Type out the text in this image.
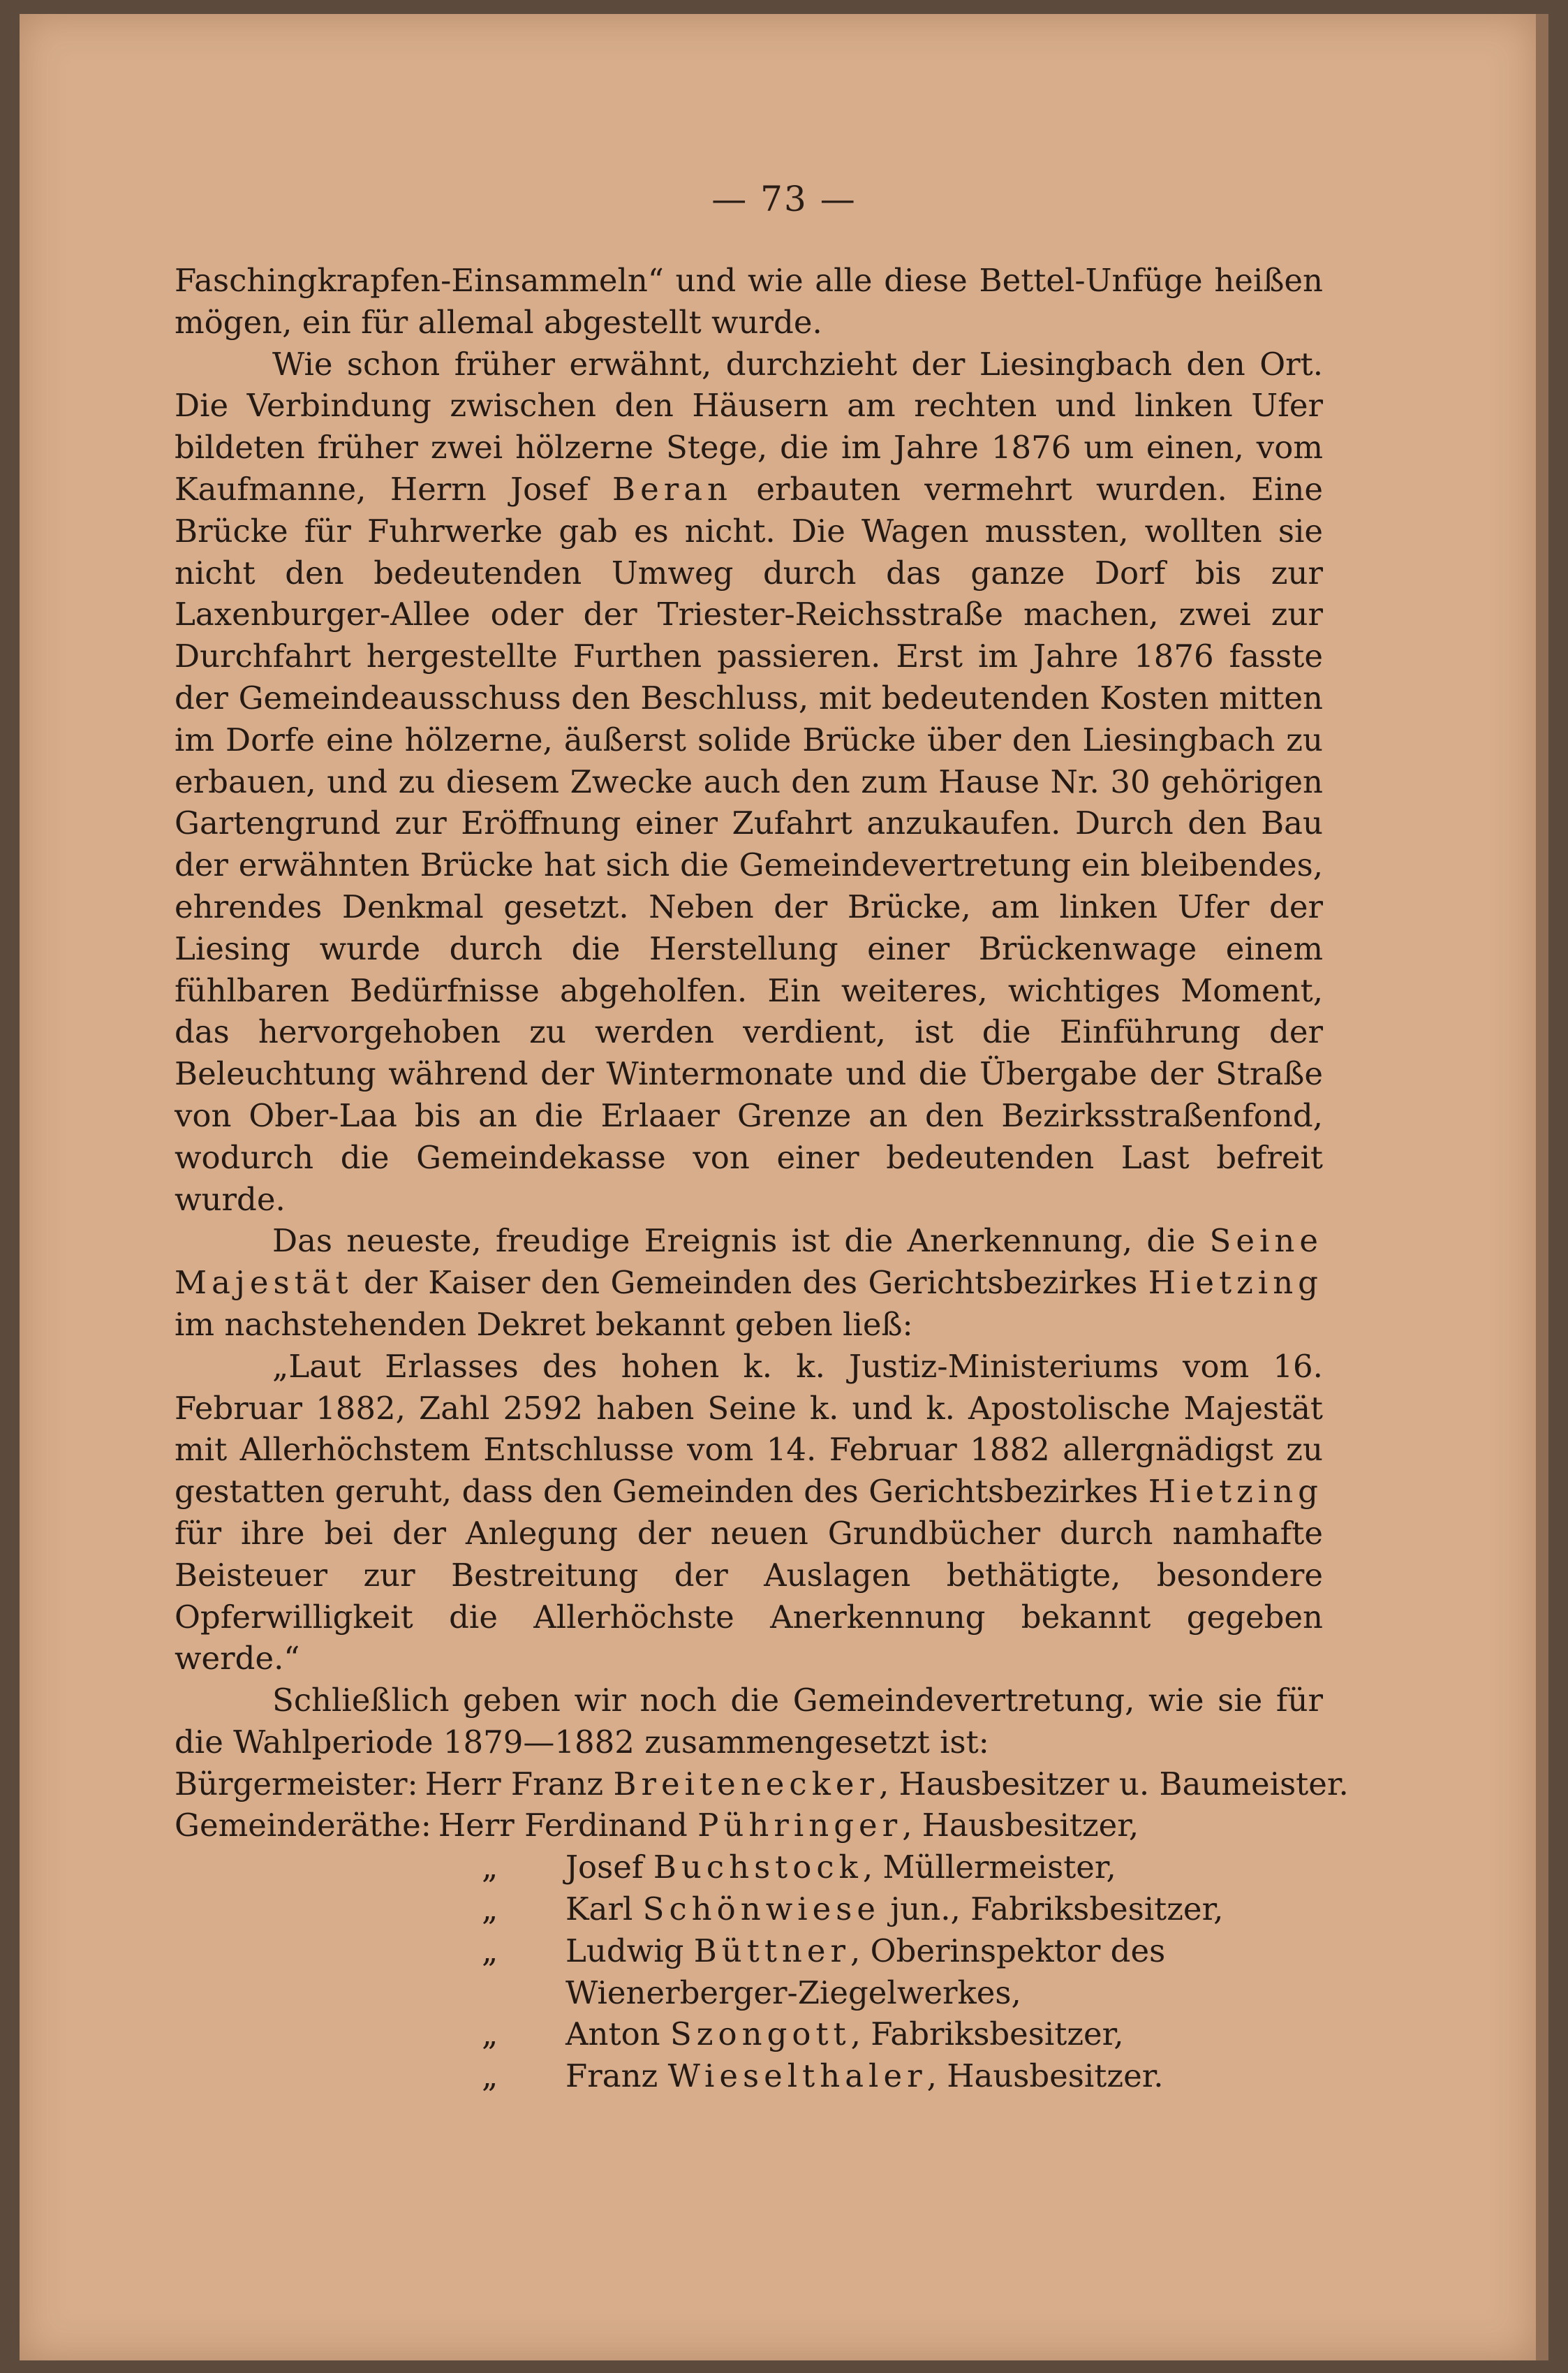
— 73 —

Faschingkrapfen-Einsammeln“ und wie alle diese Bettel-Unfüge heißen mögen, ein für allemal abgestellt wurde.

Wie schon früher erwähnt, durchzieht der Liesingbach den Ort. Die Verbindung zwischen den Häusern am rechten und linken Ufer bildeten früher zwei hölzerne Stege, die im Jahre 1876 um einen, vom Kaufmanne, Herrn Josef Beran erbauten vermehrt wurden. Eine Brücke für Fuhrwerke gab es nicht. Die Wagen mussten, wollten sie nicht den bedeutenden Umweg durch das ganze Dorf bis zur Laxenburger-Allee oder der Triester-Reichsstraße machen, zwei zur Durchfahrt hergestellte Furthen passieren. Erst im Jahre 1876 fasste der Gemeindeausschuss den Beschluss, mit bedeutenden Kosten mitten im Dorfe eine hölzerne, äußerst solide Brücke über den Liesingbach zu erbauen, und zu diesem Zwecke auch den zum Hause Nr. 30 gehörigen Gartengrund zur Eröffnung einer Zufahrt anzukaufen. Durch den Bau der erwähnten Brücke hat sich die Gemeindevertretung ein bleibendes, ehrendes Denkmal gesetzt. Neben der Brücke, am linken Ufer der Liesing wurde durch die Herstellung einer Brückenwage einem fühlbaren Bedürfnisse abgeholfen. Ein weiteres, wichtiges Moment, das hervorgehoben zu werden verdient, ist die Einführung der Beleuchtung während der Wintermonate und die Übergabe der Straße von Ober-Laa bis an die Erlaaer Grenze an den Bezirksstraßenfond, wodurch die Gemeindekasse von einer bedeutenden Last befreit wurde.

Das neueste, freudige Ereignis ist die Anerkennung, die Seine Majestät der Kaiser den Gemeinden des Gerichtsbezirkes Hietzing im nachstehenden Dekret bekannt geben ließ:

„Laut Erlasses des hohen k. k. Justiz-Ministeriums vom 16. Februar 1882, Zahl 2592 haben Seine k. und k. Apostolische Majestät mit Allerhöchstem Entschlusse vom 14. Februar 1882 allergnädigst zu gestatten geruht, dass den Gemeinden des Gerichtsbezirkes Hietzing für ihre bei der Anlegung der neuen Grundbücher durch namhafte Beisteuer zur Bestreitung der Auslagen bethätigte, besondere Opferwilligkeit die Allerhöchste Anerkennung bekannt gegeben werde.“

Schließlich geben wir noch die Gemeindevertretung, wie sie für die Wahlperiode 1879—1882 zusammengesetzt ist:

Bürgermeister: Herr Franz Breitenecker, Hausbesitzer u. Baumeister.
Gemeinderäthe: Herr Ferdinand Pühringer, Hausbesitzer,
„	Josef Buchstock, Müllermeister,
„	Karl Schönwiese jun., Fabriksbesitzer,
„	Ludwig Büttner, Oberinspektor des Wienerberger-Ziegelwerkes,
„	Anton Szongott, Fabriksbesitzer,
„	Franz Wieselthaler, Hausbesitzer.
